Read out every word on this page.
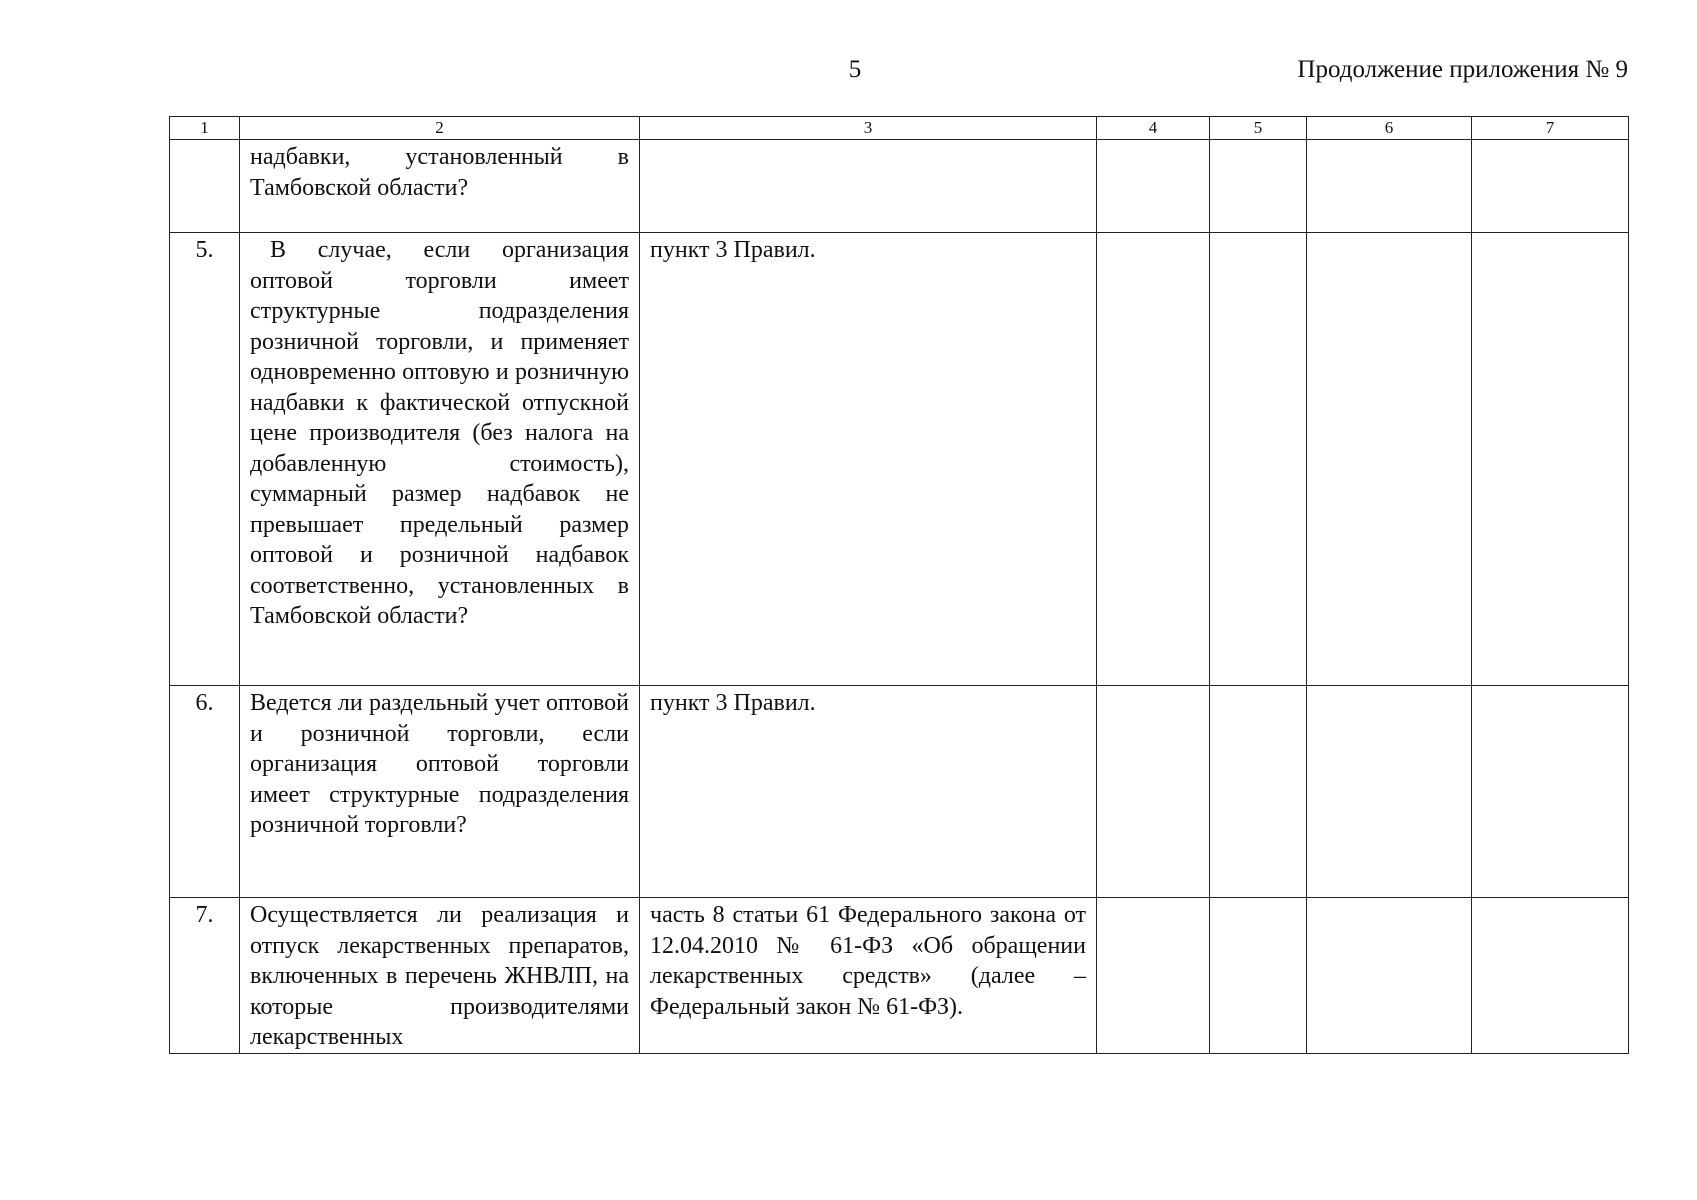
5	Продолжение приложения № 9
1	2	3	4	5	6	7
	надбавки, установленный в Тамбовской области?					
5.	В случае, если организация оптовой торговли имеет структурные подразделения розничной торговли, и применяет одновременно оптовую и розничную надбавки к фактической отпускной цене производителя (без налога на добавленную стоимость), суммарный размер надбавок не превышает предельный размер оптовой и розничной надбавок соответственно, установленных в Тамбовской области?	пункт 3 Правил.				
6.	Ведется ли раздельный учет оптовой и розничной торговли, если организация оптовой торговли имеет структурные подразделения розничной торговли?	пункт 3 Правил.				
7.	Осуществляется ли реализация и отпуск лекарственных препаратов, включенных в перечень ЖНВЛП, на которые производителями лекарственных	часть 8 статьи 61 Федерального закона от 12.04.2010 № 61-ФЗ «Об обращении лекарственных средств» (далее – Федеральный закон № 61-ФЗ).				
